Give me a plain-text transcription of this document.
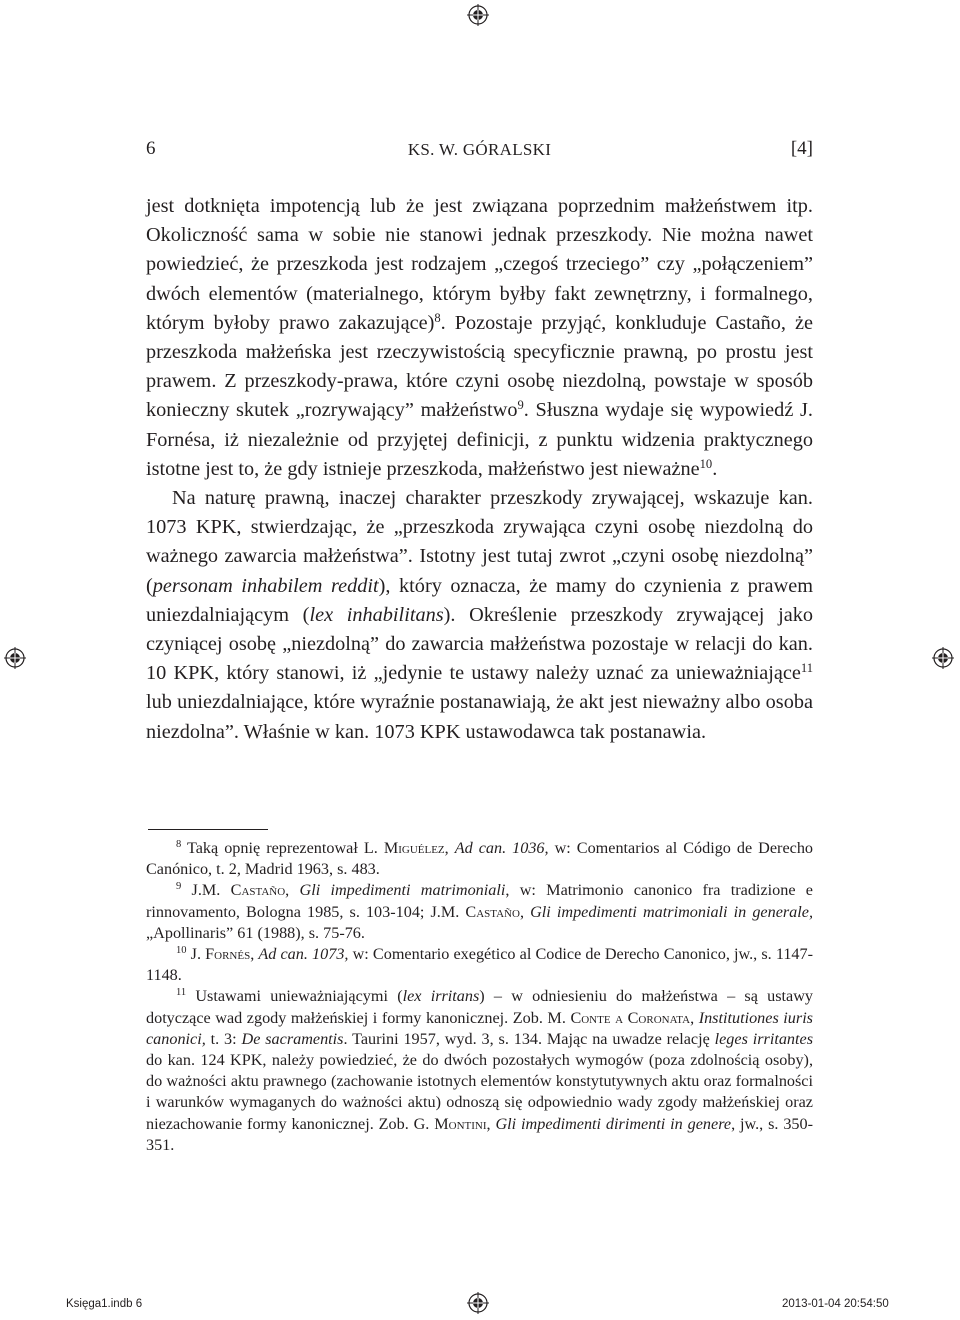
6	KS. W. GÓRALSKI	[4]

jest dotknięta impotencją lub że jest związana poprzednim małżeństwem itp. Okoliczność sama w sobie nie stanowi jednak przeszkody. Nie można nawet powiedzieć, że przeszkoda jest rodzajem „czegoś trzeciego” czy „połączeniem” dwóch elementów (materialnego, którym byłby fakt zewnętrzny, i formalnego, którym byłoby prawo zakazujące)$^8$. Pozostaje przyjąć, konkluduje Castaño, że przeszkoda małżeńska jest rzeczywistością specyficznie prawną, po prostu jest prawem. Z przeszkody-prawa, które czyni osobę niezdolną, powstaje w sposób konieczny skutek „rozrywający” małżeństwo$^9$. Słuszna wydaje się wypowiedź J. Fornésa, iż niezależnie od przyjętej definicji, z punktu widzenia praktycznego istotne jest to, że gdy istnieje przeszkoda, małżeństwo jest nieważne$^{10}$.

Na naturę prawną, inaczej charakter przeszkody zrywającej, wskazuje kan. 1073 KPK, stwierdzając, że „przeszkoda zrywająca czyni osobę niezdolną do ważnego zawarcia małżeństwa”. Istotny jest tutaj zwrot „czyni osobę niezdolną” (personam inhabilem reddit), który oznacza, że mamy do czynienia z prawem uniezdalniającym (lex inhabilitans). Określenie przeszkody zrywającej jako czyniącej osobę „niezdolną” do zawarcia małżeństwa pozostaje w relacji do kan. 10 KPK, który stanowi, iż „jedynie te ustawy należy uznać za unieważniające$^{11}$ lub uniezdalniające, które wyraźnie postanawiają, że akt jest nieważny albo osoba niezdolna”. Właśnie w kan. 1073 KPK ustawodawca tak postanawia.

$^8$ Taką opnię reprezentował L. Miguélez, Ad can. 1036, w: Comentarios al Código de Derecho Canónico, t. 2, Madrid 1963, s. 483.

$^9$ J.M. Castaño, Gli impedimenti matrimoniali, w: Matrimonio canonico fra tradizione e rinnovamento, Bologna 1985, s. 103-104; J.M. Castaño, Gli impedimenti matrimoniali in generale, „Apollinaris” 61 (1988), s. 75-76.

$^{10}$ J. Fornés, Ad can. 1073, w: Comentario exegético al Codice de Derecho Canonico, jw., s. 1147-1148.

$^{11}$ Ustawami unieważniającymi (lex irritans) – w odniesieniu do małżeństwa – są ustawy dotyczące wad zgody małżeńskiej i formy kanonicznej. Zob. M. Conte a Coronata, Institutiones iuris canonici, t. 3: De sacramentis. Taurini 1957, wyd. 3, s. 134. Mając na uwadze relację leges irritantes do kan. 124 KPK, należy powiedzieć, że do dwóch pozostałych wymogów (poza zdolnością osoby), do ważności aktu prawnego (zachowanie istotnych elementów konstytutywnych aktu oraz formalności i warunków wymaganych do ważności aktu) odnoszą się odpowiednio wady zgody małżeńskiej oraz niezachowanie formy kanonicznej. Zob. G. Montini, Gli impedimenti dirimenti in genere, jw., s. 350-351.

Księga1.indb 6	2013-01-04 20:54:50
